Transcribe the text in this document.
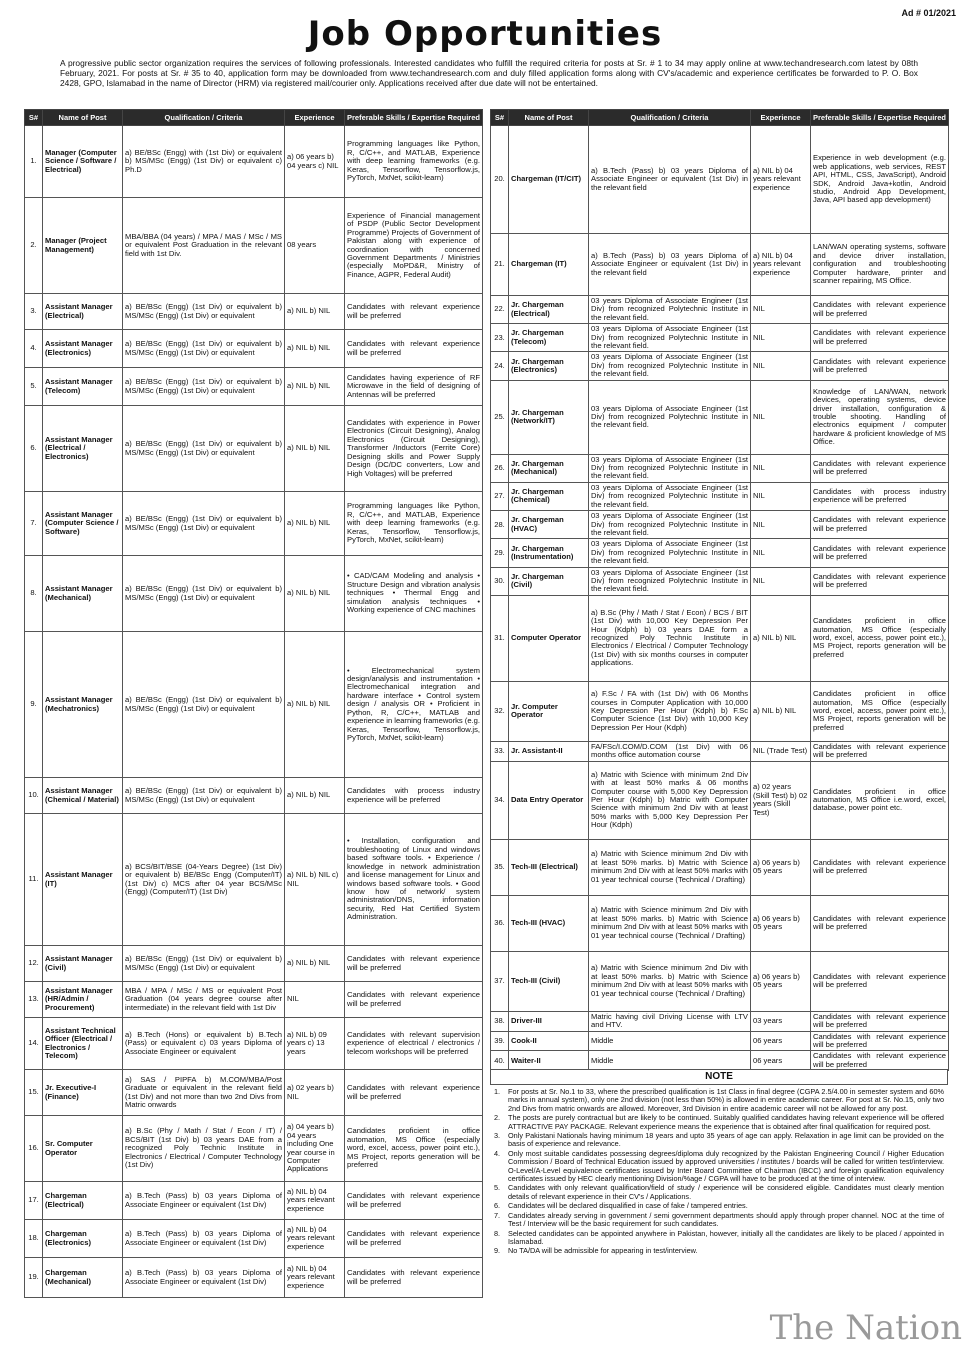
Ad # 01/2021
Job Opportunities
A progressive public sector organization requires the services of following professionals. Interested candidates who fulfill the required criteria for posts at Sr. # 1 to 34 may apply online at www.techandresearch.com latest by 08th February, 2021. For posts at Sr. # 35 to 40, application form may be downloaded from www.techandresearch.com and duly filled application forms along with CV's/academic and experience certificates be forwarded to P. O. Box 2428, GPO, Islamabad in the name of Director (HRM) via registered mail/courier only. Applications received after due date will not be entertained.
S#	Name of Post	Qualification / Criteria	Experience	Preferable Skills / Expertise Required
1.	Manager (Computer Science / Software / Electrical)	a) BE/BSc (Engg) with (1st Div) or equivalent b) MS/MSc (Engg) (1st Div) or equivalent c) Ph.D	a) 06 years b) 04 years c) NIL	Programming languages like Python, R, C/C++, and MATLAB, Experience with deep learning frameworks (e.g. Keras, Tensorflow, Tensorflow.js, PyTorch, MxNet, scikit-learn)
2.	Manager (Project Management)	MBA/BBA (04 years) / MPA / MAS / MSc / MS or equivalent Post Graduation in the relevant field with 1st Div.	08 years	Experience of Financial management of PSDP (Public Sector Development Programme) Projects of Government of Pakistan along with experience of coordination with concerned Government Departments / Ministries (especially MoPD&R, Ministry of Finance, AGPR, Federal Audit)
3.	Assistant Manager (Electrical)	a) BE/BSc (Engg) (1st Div) or equivalent b) MS/MSc (Engg) (1st Div) or equivalent	a) NIL b) NIL	Candidates with relevant experience will be preferred
4.	Assistant Manager (Electronics)	a) BE/BSc (Engg) (1st Div) or equivalent b) MS/MSc (Engg) (1st Div) or equivalent	a) NIL b) NIL	Candidates with relevant experience will be preferred
5.	Assistant Manager (Telecom)	a) BE/BSc (Engg) (1st Div) or equivalent b) MS/MSc (Engg) (1st Div) or equivalent	a) NIL b) NIL	Candidates having experience of RF Microwave in the field of designing of Antennas will be preferred
6.	Assistant Manager (Electrical / Electronics)	a) BE/BSc (Engg) (1st Div) or equivalent b) MS/MSc (Engg) (1st Div) or equivalent	a) NIL b) NIL	Candidates with experience in Power Electronics (Circuit Designing), Analog Electronics (Circuit Designing), Transformer /Inductors (Ferrite Core) Designing skills and Power Supply Design (DC/DC converters, Low and High Voltages) will be preferred
7.	Assistant Manager (Computer Science / Software)	a) BE/BSc (Engg) (1st Div) or equivalent b) MS/MSc (Engg) (1st Div) or equivalent	a) NIL b) NIL	Programming languages like Python, R, C/C++, and MATLAB, Experience with deep learning frameworks (e.g. Keras, Tensorflow, Tensorflow.js, PyTorch, MxNet, scikit-learn)
8.	Assistant Manager (Mechanical)	a) BE/BSc (Engg) (1st Div) or equivalent b) MS/MSc (Engg) (1st Div) or equivalent	a) NIL b) NIL	• CAD/CAM Modeling and analysis • Structure Design and vibration analysis techniques • Thermal Engg and simulation analysis techniques • Working experience of CNC machines
9.	Assistant Manager (Mechatronics)	a) BE/BSc (Engg) (1st Div) or equivalent b) MS/MSc (Engg) (1st Div) or equivalent	a) NIL b) NIL	• Electromechanical system design/analysis and instrumentation • Electromechanical integration and hardware interface • Control system design / analysis OR • Proficient in Python, R, C/C++, MATLAB and experience in learning frameworks (e.g. Keras, Tensorflow, Tensorflow.js, PyTorch, MxNet, scikit-learn)
10.	Assistant Manager (Chemical / Material)	a) BE/BSc (Engg) (1st Div) or equivalent b) MS/MSc (Engg) (1st Div) or equivalent	a) NIL b) NIL	Candidates with process industry experience will be preferred
11.	Assistant Manager (IT)	a) BCS/BIT/BSE (04-Years Degree) (1st Div) or equivalent b) BE/BSc Engg (Computer/IT) (1st Div) c) MCS after 04 year BCS/MSc (Engg) (Computer/IT) (1st Div)	a) NIL b) NIL c) NIL	• Installation, configuration and troubleshooting of Linux and windows based software tools. • Experience / knowledge in network administration and license management for Linux and windows based software tools. • Good know how of network/ system administration/DNS, information security, Red Hat Certified System Administration.
12.	Assistant Manager (Civil)	a) BE/BSc (Engg) (1st Div) or equivalent b) MS/MSc (Engg) (1st Div) or equivalent	a) NIL b) NIL	Candidates with relevant experience will be preferred
13.	Assistant Manager (HR/Admin / Procurement)	MBA / MPA / MSc / MS or equivalent Post Graduation (04 years degree course after intermediate) in the relevant field with 1st Div	NIL	Candidates with relevant experience will be preferred
14.	Assistant Technical Officer (Electrical / Electronics / Telecom)	a) B.Tech (Hons) or equivalent b) B.Tech (Pass) or equivalent c) 03 years Diploma of Associate Engineer or equivalent	a) NIL b) 09 years c) 13 years	Candidates with relevant supervision experience of electrical / electronics / telecom workshops will be preferred
15.	Jr. Executive-I (Finance)	a) SAS / PIPFA b) M.COM/MBA/Post Graduate or equivalent in the relevant field (1st Div) and not more than two 2nd Divs from Matric onwards	a) 02 years b) NIL	Candidates with relevant experience will be preferred
16.	Sr. Computer Operator	a) B.Sc (Phy / Math / Stat / Econ / IT) / BCS/BIT (1st Div) b) 03 years DAE from a recognized Poly Technic Institute in Electronics / Electrical / Computer Technology (1st Div)	a) 04 years b) 04 years including One year course in Computer Applications	Candidates proficient in office automation, MS Office (especially word, excel, access, power point etc.), MS Project, reports generation will be preferred
17.	Chargeman (Electrical)	a) B.Tech (Pass) b) 03 years Diploma of Associate Engineer or equivalent (1st Div)	a) NIL b) 04 years relevant experience	Candidates with relevant experience will be preferred
18.	Chargeman (Electronics)	a) B.Tech (Pass) b) 03 years Diploma of Associate Engineer or equivalent (1st Div)	a) NIL b) 04 years relevant experience	Candidates with relevant experience will be preferred
19.	Chargeman (Mechanical)	a) B.Tech (Pass) b) 03 years Diploma of Associate Engineer or equivalent (1st Div)	a) NIL b) 04 years relevant experience	Candidates with relevant experience will be preferred
S#	Name of Post	Qualification / Criteria	Experience	Preferable Skills / Expertise Required
20.	Chargeman (IT/CIT)	a) B.Tech (Pass) b) 03 years Diploma of Associate Engineer or equivalent (1st Div) in the relevant field	a) NIL b) 04 years relevant experience	Experience in web development (e.g. web applications, web services, REST API, HTML, CSS, JavaScript), Android SDK, Android Java+kotlin, Android studio, Android App Development, Java, API based app development)
21.	Chargeman (IT)	a) B.Tech (Pass) b) 03 years Diploma of Associate Engineer or equivalent (1st Div) in the relevant field	a) NIL b) 04 years relevant experience	LAN/WAN operating systems, software and device driver installation, configuration and troubleshooting Computer hardware, printer and scanner repairing, MS Office.
22.	Jr. Chargeman (Electrical)	03 years Diploma of Associate Engineer (1st Div) from recognized Polytechnic Institute in the relevant field.	NIL	Candidates with relevant experience will be preferred
23.	Jr. Chargeman (Telecom)	03 years Diploma of Associate Engineer (1st Div) from recognized Polytechnic Institute in the relevant field.	NIL	Candidates with relevant experience will be preferred
24.	Jr. Chargeman (Electronics)	03 years Diploma of Associate Engineer (1st Div) from recognized Polytechnic Institute in the relevant field.	NIL	Candidates with relevant experience will be preferred
25.	Jr. Chargeman (Network/IT)	03 years Diploma of Associate Engineer (1st Div) from recognized Polytechnic Institute in the relevant field.	NIL	Knowledge of LAN/WAN, network devices, operating systems, device driver installation, configuration & trouble shooting. Handling of electronics equipment / computer hardware & proficient knowledge of MS Office.
26.	Jr. Chargeman (Mechanical)	03 years Diploma of Associate Engineer (1st Div) from recognized Polytechnic Institute in the relevant field.	NIL	Candidates with relevant experience will be preferred
27.	Jr. Chargeman (Chemical)	03 years Diploma of Associate Engineer (1st Div) from recognized Polytechnic Institute in the relevant field.	NIL	Candidates with process industry experience will be preferred
28.	Jr. Chargeman (HVAC)	03 years Diploma of Associate Engineer (1st Div) from recognized Polytechnic Institute in the relevant field.	NIL	Candidates with relevant experience will be preferred
29.	Jr. Chargeman (Instrumentation)	03 years Diploma of Associate Engineer (1st Div) from recognized Polytechnic Institute in the relevant field.	NIL	Candidates with relevant experience will be preferred
30.	Jr. Chargeman (Civil)	03 years Diploma of Associate Engineer (1st Div) from recognized Polytechnic Institute in the relevant field.	NIL	Candidates with relevant experience will be preferred
31.	Computer Operator	a) B.Sc (Phy / Math / Stat / Econ) / BCS / BIT (1st Div) with 10,000 Key Depression Per Hour (Kdph) b) 03 years DAE form a recognized Poly Technic Institute in Electronics / Electrical / Computer Technology (1st Div) with six months courses in computer applications.	a) NIL b) NIL	Candidates proficient in office automation, MS Office (especially word, excel, access, power point etc.), MS Project, reports generation will be preferred
32.	Jr. Computer Operator	a) F.Sc / FA with (1st Div) with 06 Months courses in Computer Application with 10,000 Key Depression Per Hour (Kdph) b) F.Sc Computer Science (1st Div) with 10,000 Key Depression Per Hour (Kdph)	a) NIL b) NIL	Candidates proficient in office automation, MS Office (especially word, excel, access, power point etc.), MS Project, reports generation will be preferred
33.	Jr. Assistant-II	FA/FSc/I.COM/D.COM (1st Div) with 06 months office automation course	NIL (Trade Test)	Candidates with relevant experience will be preferred
34.	Data Entry Operator	a) Matric with Science with minimum 2nd Div with at least 50% marks & 06 months Computer course with 5,000 Key Depression Per Hour (Kdph) b) Matric with Computer Science with minimum 2nd Div with at least 50% marks with 5,000 Key Depression Per Hour (Kdph)	a) 02 years (Skill Test) b) 02 years (Skill Test)	Candidates proficient in office automation, MS Office i.e.word, excel, database, power point etc.
35.	Tech-III (Electrical)	a) Matric with Science minimum 2nd Div with at least 50% marks. b) Matric with Science minimum 2nd Div with at least 50% marks with 01 year technical course (Technical / Drafting)	a) 06 years b) 05 years	Candidates with relevant experience will be preferred
36.	Tech-III (HVAC)	a) Matric with Science minimum 2nd Div with at least 50% marks. b) Matric with Science minimum 2nd Div with at least 50% marks with 01 year technical course (Technical / Drafting)	a) 06 years b) 05 years	Candidates with relevant experience will be preferred
37.	Tech-III (Civil)	a) Matric with Science minimum 2nd Div with at least 50% marks. b) Matric with Science minimum 2nd Div with at least 50% marks with 01 year technical course (Technical / Drafting)	a) 06 years b) 05 years	Candidates with relevant experience will be preferred
38.	Driver-III	Matric having civil Driving License with LTV and HTV.	03 years	Candidates with relevant experience will be preferred
39.	Cook-II	Middle	06 years	Candidates with relevant experience will be preferred
40.	Waiter-II	Middle	06 years	Candidates with relevant experience will be preferred
NOTE
1.	For posts at Sr. No.1 to 33, where the prescribed qualification is 1st Class in final degree (CGPA 2.5/4.00 in semester system and 60% marks in annual system), only one 2nd division (not less than 50%) is allowed in entire academic career. For post at Sr. No.15, only two 2nd Divs from matric onwards are allowed. Moreover, 3rd Division in entire academic career will not be allowed for any post.
2.	The posts are purely contractual but are likely to be continued. Suitably qualified candidates having relevant experience will be offered ATTRACTIVE PAY PACKAGE. Relevant experience means the experience that is obtained after final qualification for required post.
3.	Only Pakistani Nationals having minimum 18 years and upto 35 years of age can apply. Relaxation in age limit can be provided on the basis of experience and relevance.
4.	Only most suitable candidates possessing degrees/diploma duly recognized by the Pakistan Engineering Council / Higher Education Commission / Board of Technical Education issued by approved universities / institutes / boards will be called for written test/interview. O-Level/A-Level equivalence certificates issued by Inter Board Committee of Chairman (IBCC) and foreign qualification equivalency certificates issued by HEC clearly mentioning Division/%age / CGPA will have to be produced at the time of interview.
5.	Candidates with only relevant qualification/field of study / experience will be considered eligible. Candidates must clearly mention details of relevant experience in their CV's / Applications.
6.	Candidates will be declared disqualified in case of fake / tampered entries.
7.	Candidates already serving in government / semi government departments should apply through proper channel. NOC at the time of Test / Interview will be the basic requirement for such candidates.
8.	Selected candidates can be appointed anywhere in Pakistan, however, initially all the candidates are likely to be placed / appointed in Islamabad.
9.	No TA/DA will be admissible for appearing in test/interview.
The Nation
